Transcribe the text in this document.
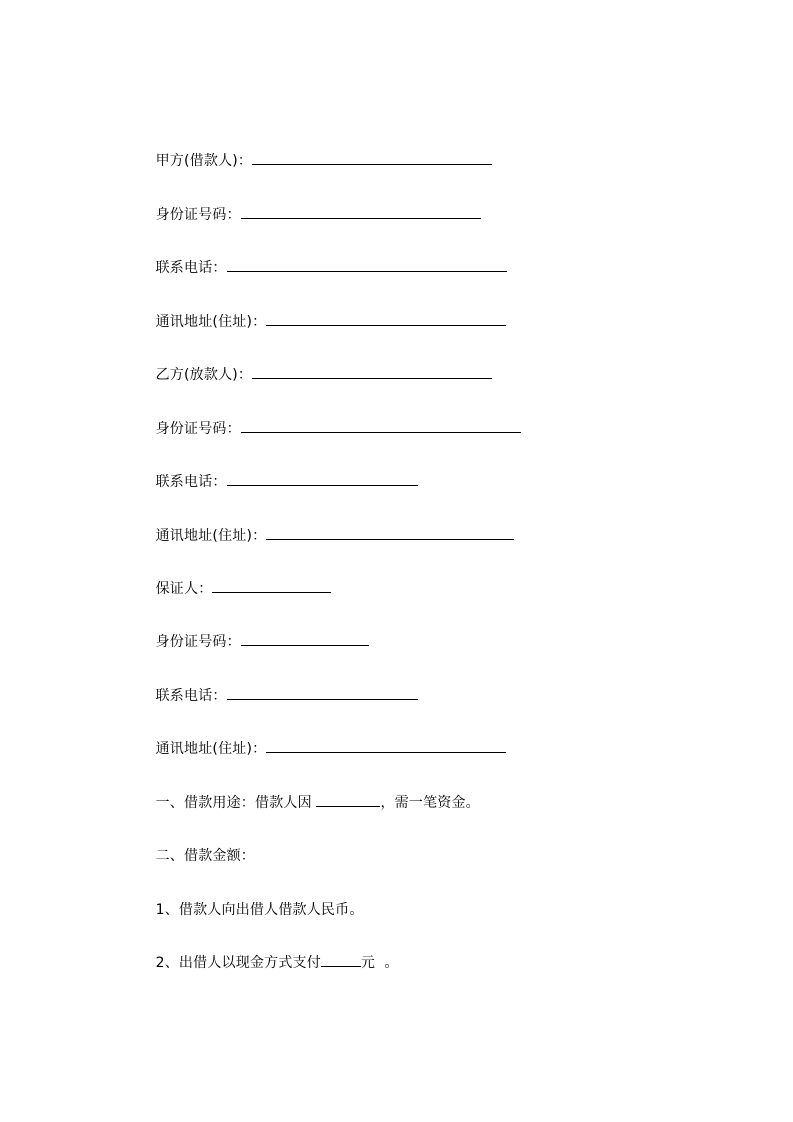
甲方(借款人)：

身份证号码：

联系电话：

通讯地址(住址)：

乙方(放款人)：

身份证号码：

联系电话：

通讯地址(住址)：

保证人：

身份证号码：

联系电话：

通讯地址(住址)：

一、借款用途：借款人因	，需一笔资金。

二、借款金额：

1、借款人向出借人借款人民币。

2、出借人以现金方式支付	元  。
